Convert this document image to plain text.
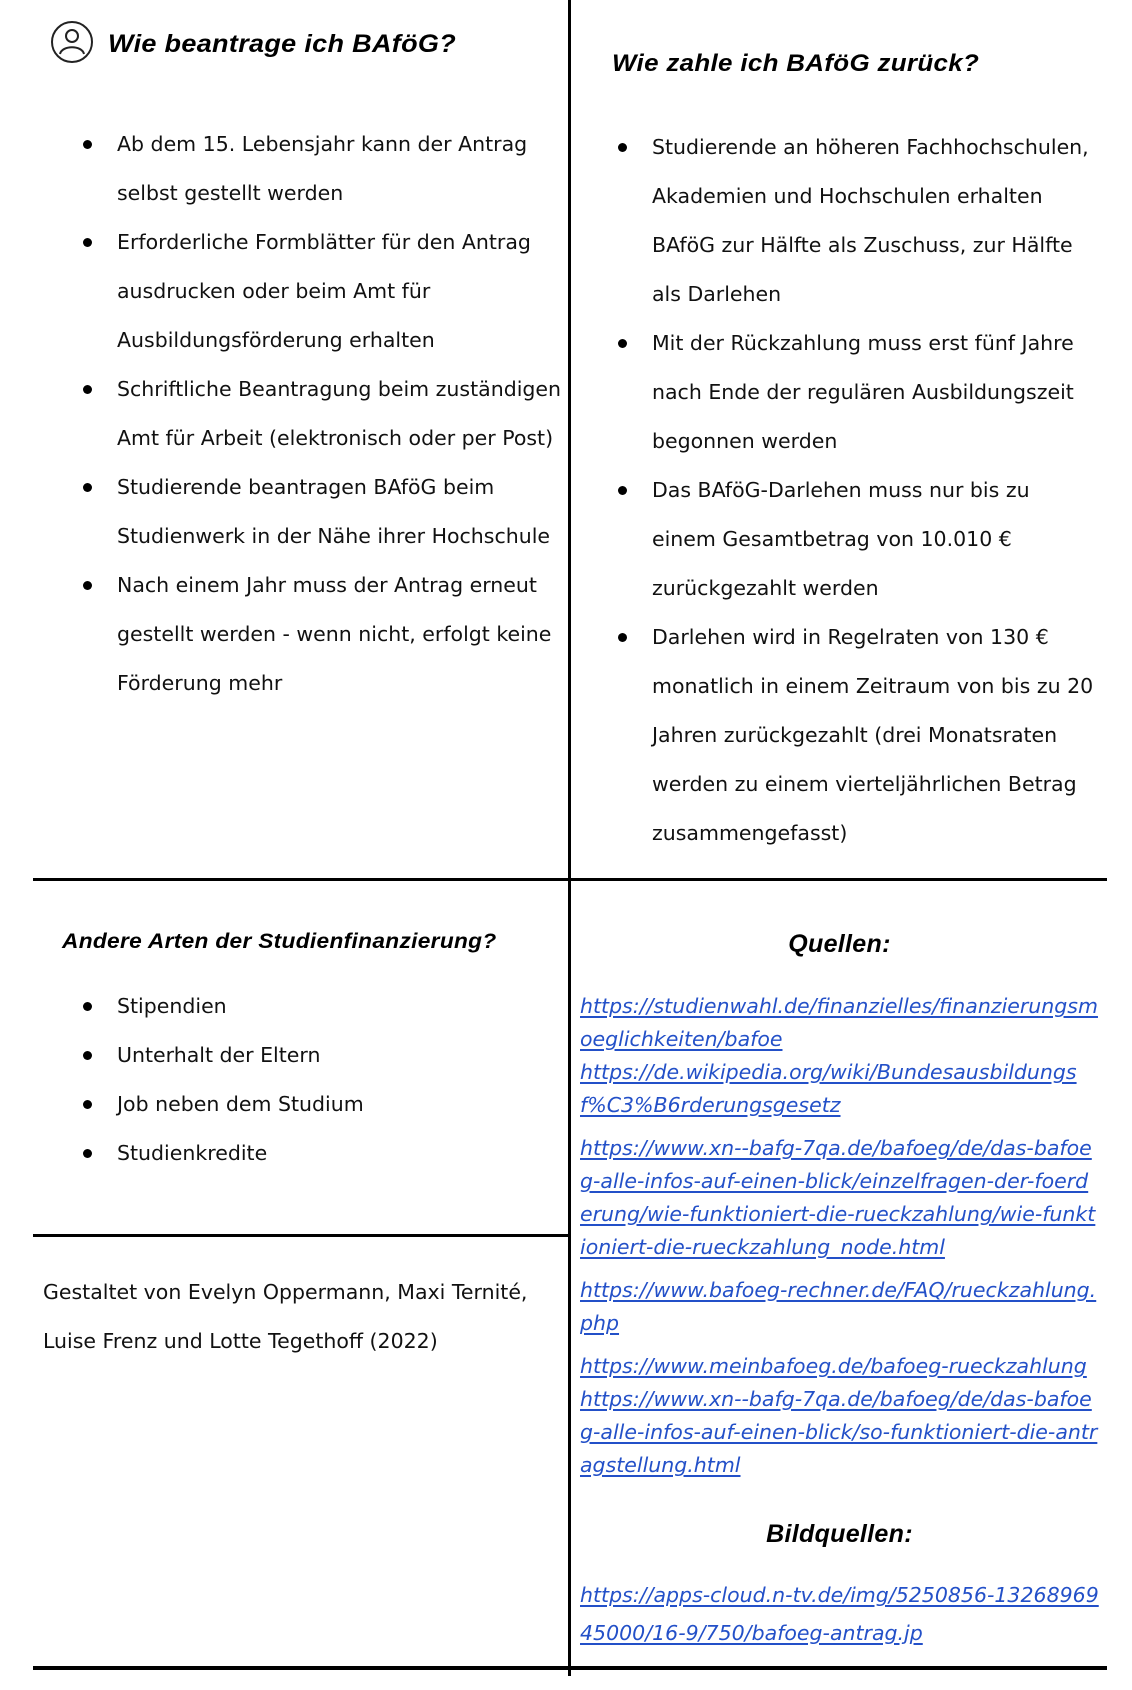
Wie beantrage ich BAföG?
Ab dem 15. Lebensjahr kann der Antrag selbst gestellt werden
Erforderliche Formblätter für den Antrag ausdrucken oder beim Amt für Ausbildungsförderung erhalten
Schriftliche Beantragung beim zuständigen Amt für Arbeit (elektronisch oder per Post)
Studierende beantragen BAföG beim Studienwerk in der Nähe ihrer Hochschule
Nach einem Jahr muss der Antrag erneut gestellt werden - wenn nicht, erfolgt keine Förderung mehr
Wie zahle ich BAföG zurück?
Studierende an höheren Fachhochschulen, Akademien und Hochschulen erhalten BAföG zur Hälfte als Zuschuss, zur Hälfte als Darlehen
Mit der Rückzahlung muss erst fünf Jahre nach Ende der regulären Ausbildungszeit begonnen werden
Das BAföG-Darlehen muss nur bis zu einem Gesamtbetrag von 10.010 € zurückgezahlt werden
Darlehen wird in Regelraten von 130 € monatlich in einem Zeitraum von bis zu 20 Jahren zurückgezahlt (drei Monatsraten werden zu einem vierteljährlichen Betrag zusammengefasst)
Andere Arten der Studienfinanzierung?
Stipendien
Unterhalt der Eltern
Job neben dem Studium
Studienkredite
Gestaltet von Evelyn Oppermann, Maxi Ternité,
Luise Frenz und Lotte Tegethoff (2022)
Quellen:
https://studienwahl.de/finanzielles/finanzierungsmoeglichkeiten/bafoe
https://de.wikipedia.org/wiki/Bundesausbildungsf%C3%B6rderungsgesetz
https://www.xn--bafg-7qa.de/bafoeg/de/das-bafoeg-alle-infos-auf-einen-blick/einzelfragen-der-foerderung/wie-funktioniert-die-rueckzahlung/wie-funktioniert-die-rueckzahlung_node.html
https://www.bafoeg-rechner.de/FAQ/rueckzahlung.php
https://www.meinbafoeg.de/bafoeg-rueckzahlung
https://www.xn--bafg-7qa.de/bafoeg/de/das-bafoeg-alle-infos-auf-einen-blick/so-funktioniert-die-antragstellung.html
Bildquellen:
https://apps-cloud.n-tv.de/img/5250856-1326896945000/16-9/750/bafoeg-antrag.jp
